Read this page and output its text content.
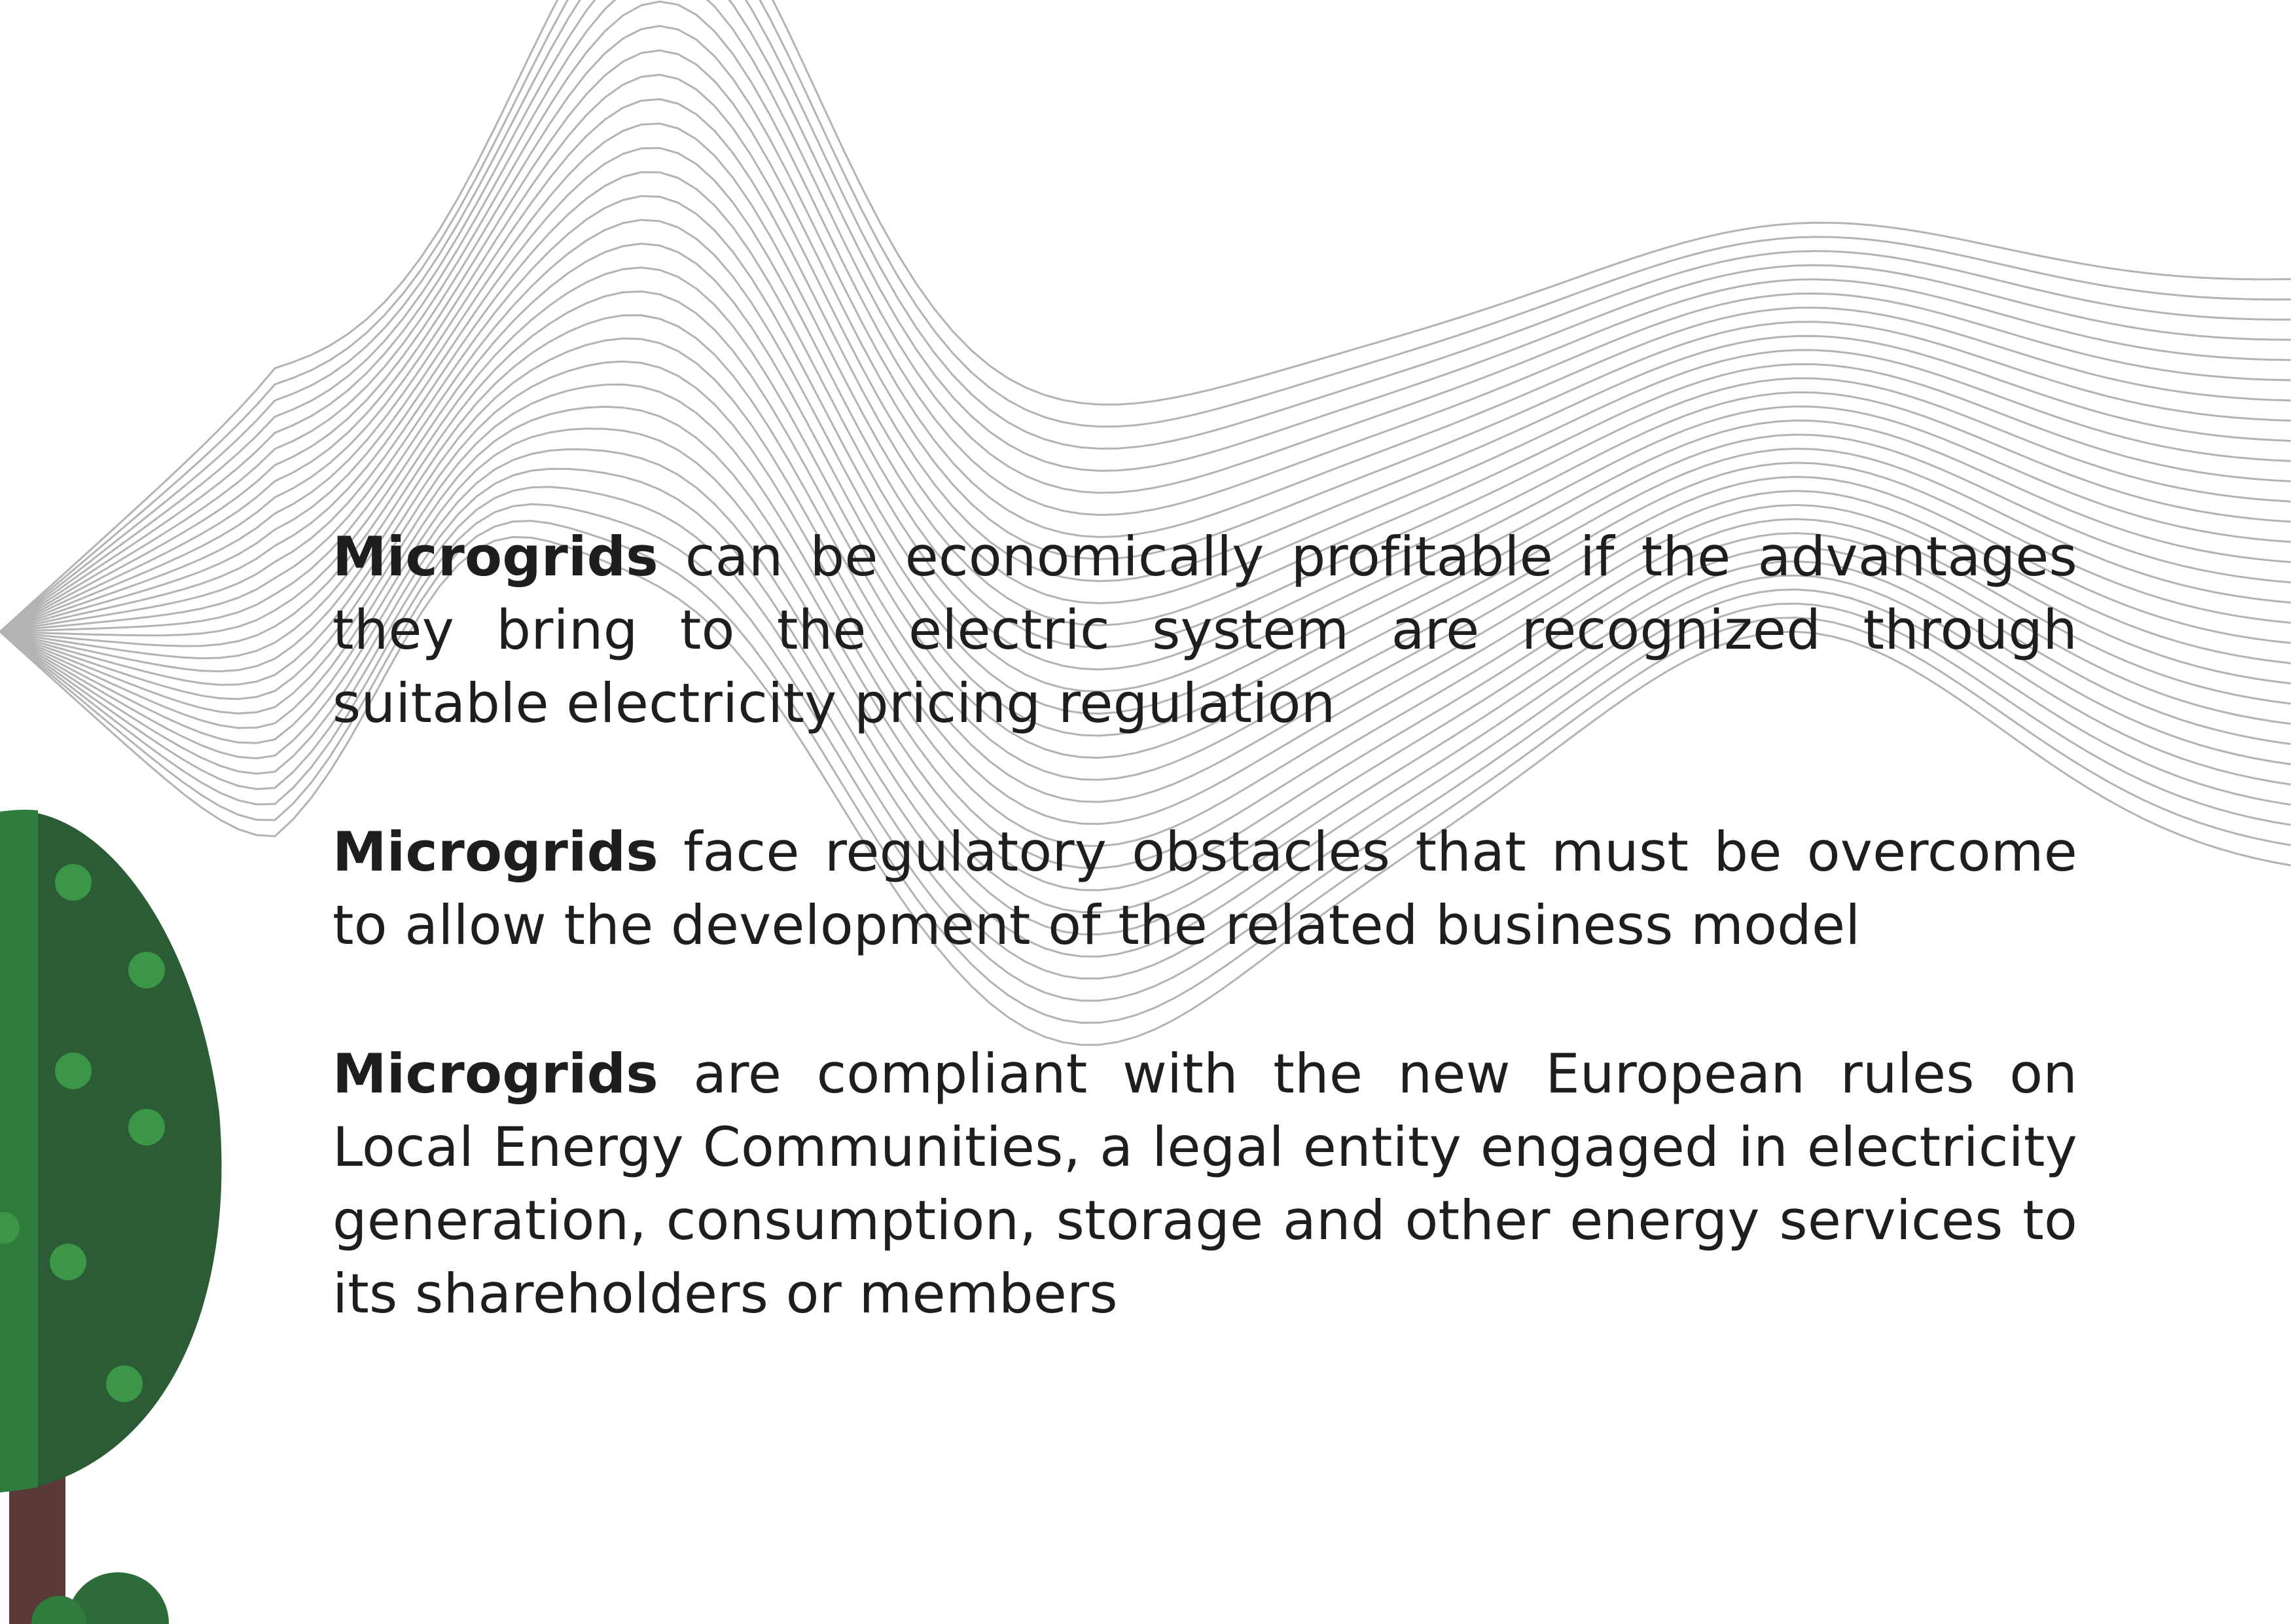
Microgrids can be economically profitable if the advantages they bring to the electric system are recognized through suitable electricity pricing regulation

Microgrids face regulatory obstacles that must be overcome to allow the development of the related business model

Microgrids are compliant with the new European rules on Local Energy Communities, a legal entity engaged in electricity generation, consumption, storage and other energy services to its shareholders or members
